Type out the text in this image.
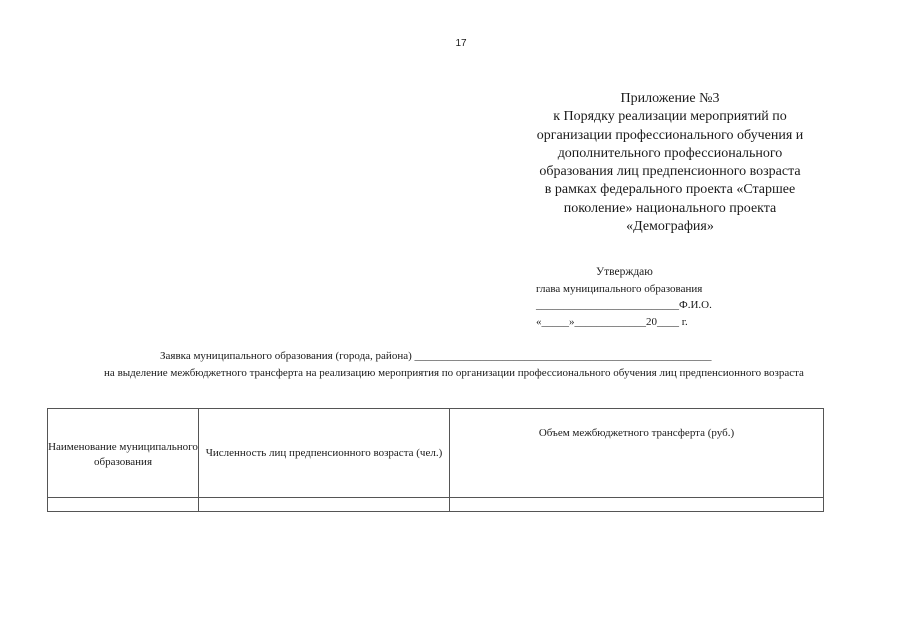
17
Приложение №3
к Порядку реализации мероприятий по
организации профессионального обучения и
дополнительного профессионального
образования лиц предпенсионного возраста
в рамках федерального проекта «Старшее
поколение» национального проекта
«Демография»
Утверждаю
глава муниципального образования
__________________________Ф.И.О.
«_____»_____________20____ г.
Заявка муниципального образования (города, района) ______________________________________________________
на выделение межбюджетного трансферта на реализацию мероприятия по организации профессионального обучения лиц предпенсионного возраста
Наименование муниципального образования	Численность лиц предпенсионного возраста (чел.)	Объем межбюджетного трансферта (руб.)
